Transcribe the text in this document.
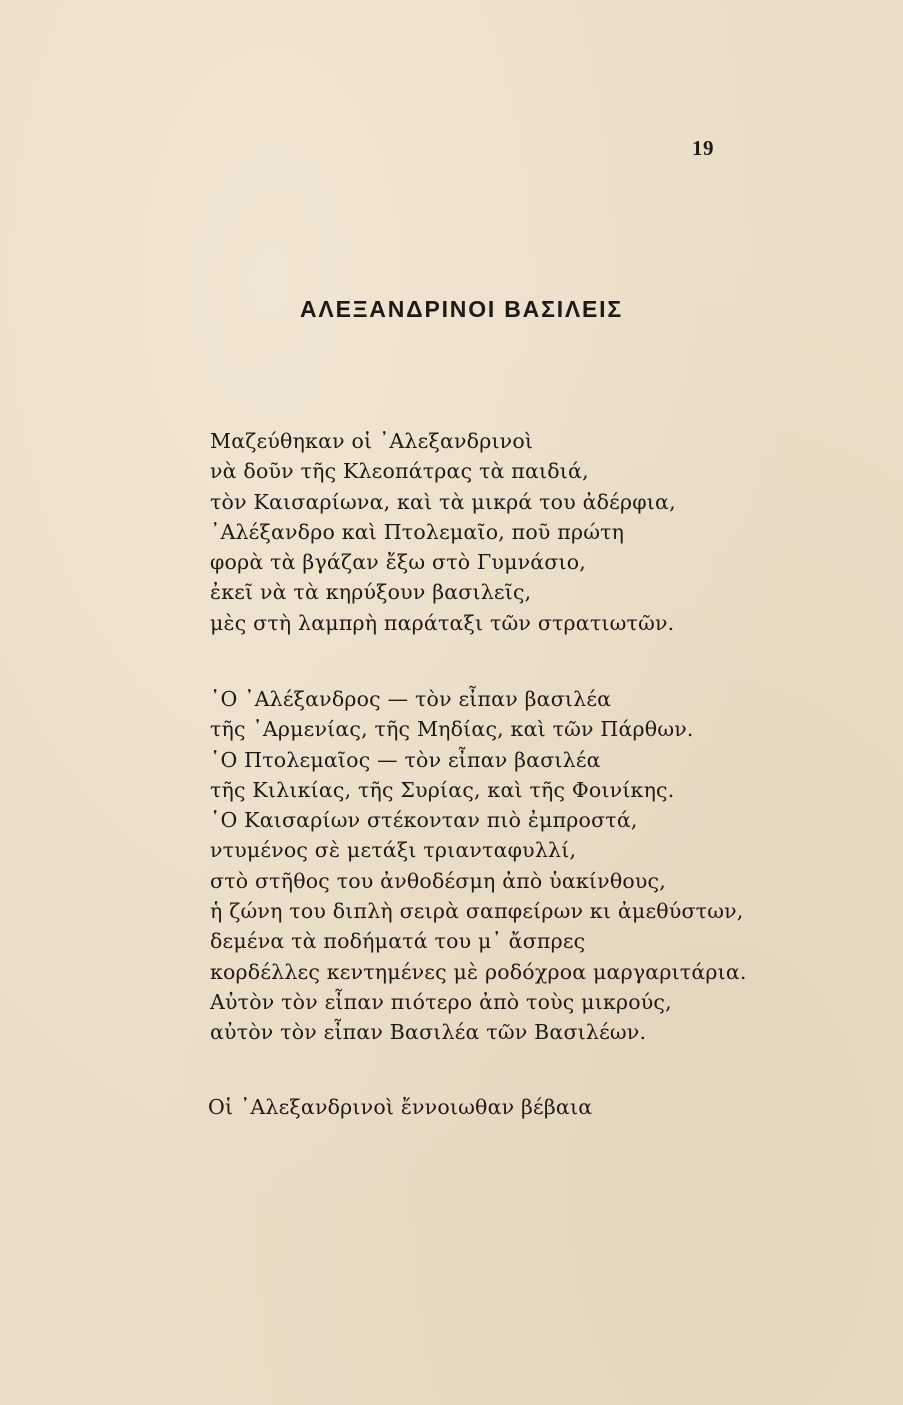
19
ΑΛΕΞΑΝΔΡΙΝΟΙ ΒΑΣΙΛΕΙΣ
Μαζεύθηκαν οἱ ᾿Αλεξανδρινοὶ
νὰ δοῦν τῆς Κλεοπάτρας τὰ παιδιά,
τὸν Καισαρίωνα, καὶ τὰ μικρά του ἀδέρφια,
᾿Αλέξανδρο καὶ Πτολεμαῖο, ποῦ πρώτη
φορὰ τὰ βγάζαν ἔξω στὸ Γυμνάσιο,
ἐκεῖ νὰ τὰ κηρύξουν βασιλεῖς,
μὲς στὴ λαμπρὴ παράταξι τῶν στρατιωτῶν.
῾Ο ᾿Αλέξανδρος — τὸν εἶπαν βασιλέα
τῆς ᾿Αρμενίας, τῆς Μηδίας, καὶ τῶν Πάρθων.
῾Ο Πτολεμαῖος — τὸν εἶπαν βασιλέα
τῆς Κιλικίας, τῆς Συρίας, καὶ τῆς Φοινίκης.
῾Ο Καισαρίων στέκονταν πιὸ ἐμπροστά,
ντυμένος σὲ μετάξι τριανταφυλλί,
στὸ στῆθος του ἀνθοδέσμη ἀπὸ ὑακίνθους,
ἡ ζώνη του διπλὴ σειρὰ σαπφείρων κι ἀμεθύστων,
δεμένα τὰ ποδήματά του μ᾿ ἄσπρες
κορδέλλες κεντημένες μὲ ροδόχροα μαργαριτάρια.
Αὐτὸν τὸν εἶπαν πιότερο ἀπὸ τοὺς μικρούς,
αὐτὸν τὸν εἶπαν Βασιλέα τῶν Βασιλέων.
Οἱ ᾿Αλεξανδρινοὶ ἔννοιωθαν βέβαια
